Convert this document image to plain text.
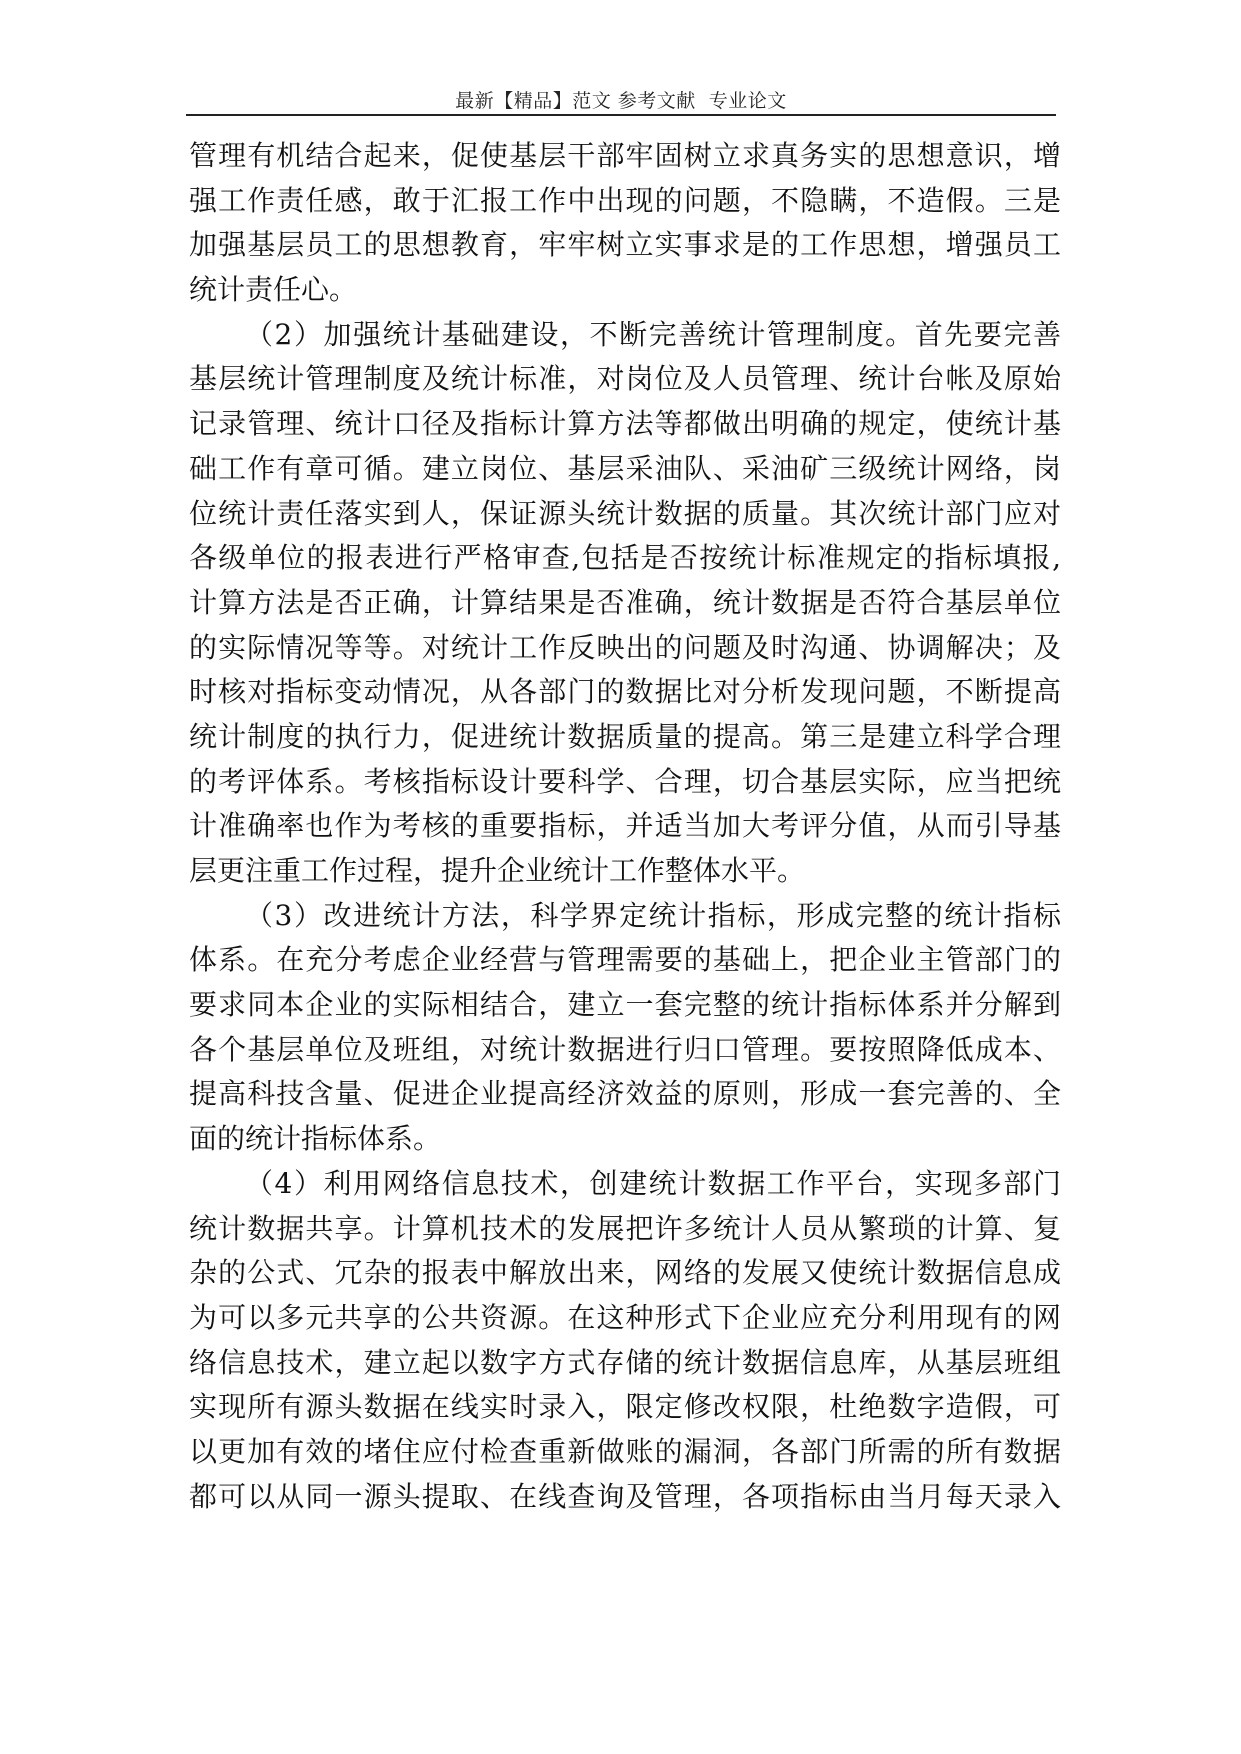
最新【精品】范文 参考文献  专业论文
管理有机结合起来，促使基层干部牢固树立求真务实的思想意识，增
强工作责任感，敢于汇报工作中出现的问题，不隐瞒，不造假。三是
加强基层员工的思想教育，牢牢树立实事求是的工作思想，增强员工
统计责任心。
（2）加强统计基础建设，不断完善统计管理制度。首先要完善
基层统计管理制度及统计标准，对岗位及人员管理、统计台帐及原始
记录管理、统计口径及指标计算方法等都做出明确的规定，使统计基
础工作有章可循。建立岗位、基层采油队、采油矿三级统计网络，岗
位统计责任落实到人，保证源头统计数据的质量。其次统计部门应对
各级单位的报表进行严格审查,包括是否按统计标准规定的指标填报,
计算方法是否正确，计算结果是否准确，统计数据是否符合基层单位
的实际情况等等。对统计工作反映出的问题及时沟通、协调解决；及
时核对指标变动情况，从各部门的数据比对分析发现问题，不断提高
统计制度的执行力，促进统计数据质量的提高。第三是建立科学合理
的考评体系。考核指标设计要科学、合理，切合基层实际，应当把统
计准确率也作为考核的重要指标，并适当加大考评分值，从而引导基
层更注重工作过程，提升企业统计工作整体水平。
（3）改进统计方法，科学界定统计指标，形成完整的统计指标
体系。在充分考虑企业经营与管理需要的基础上，把企业主管部门的
要求同本企业的实际相结合，建立一套完整的统计指标体系并分解到
各个基层单位及班组，对统计数据进行归口管理。要按照降低成本、
提高科技含量、促进企业提高经济效益的原则，形成一套完善的、全
面的统计指标体系。
（4）利用网络信息技术，创建统计数据工作平台，实现多部门
统计数据共享。计算机技术的发展把许多统计人员从繁琐的计算、复
杂的公式、冗杂的报表中解放出来，网络的发展又使统计数据信息成
为可以多元共享的公共资源。在这种形式下企业应充分利用现有的网
络信息技术，建立起以数字方式存储的统计数据信息库，从基层班组
实现所有源头数据在线实时录入，限定修改权限，杜绝数字造假，可
以更加有效的堵住应付检查重新做账的漏洞，各部门所需的所有数据
都可以从同一源头提取、在线查询及管理，各项指标由当月每天录入
